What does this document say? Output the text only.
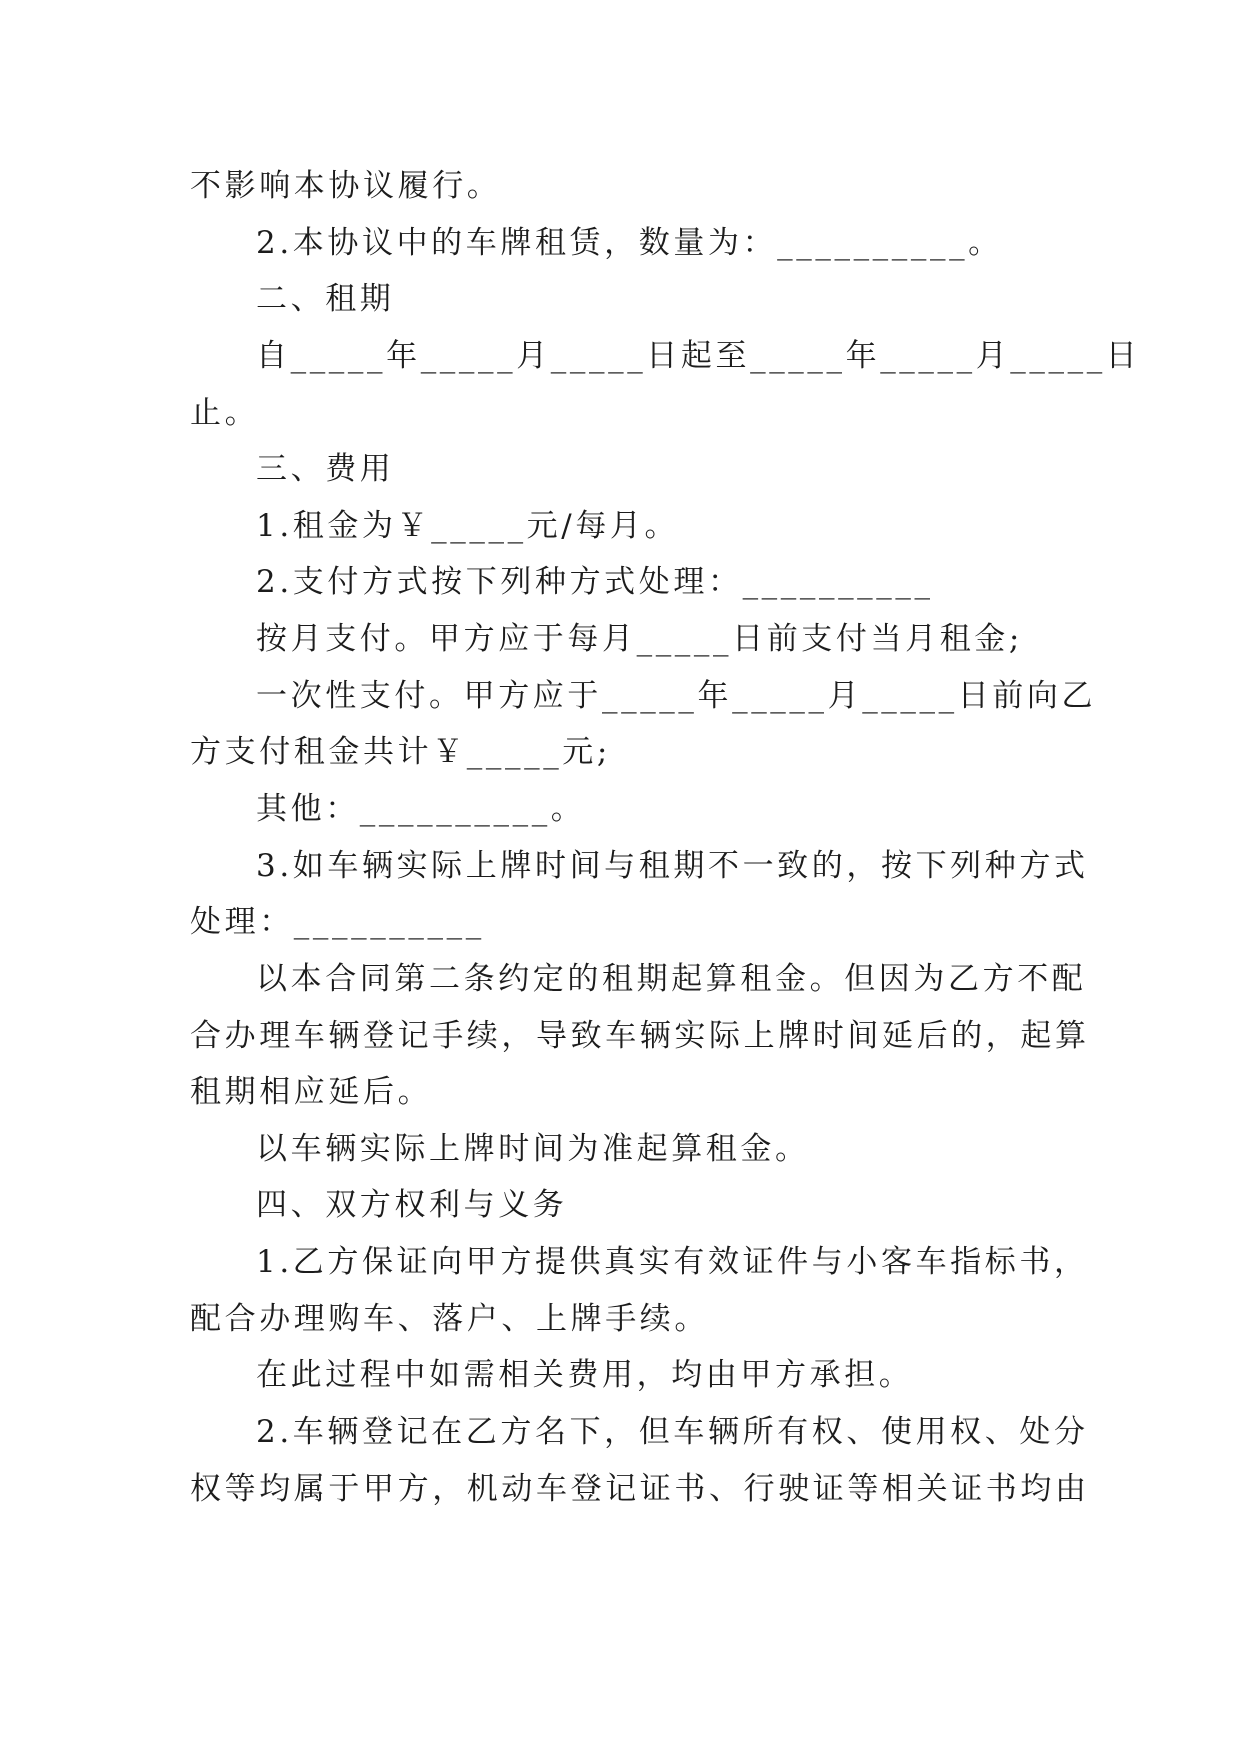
不影响本协议履行。
2.本协议中的车牌租赁，数量为：__________。
二、租期
自_____年_____月_____日起至_____年_____月_____日
止。
三、费用
1.租金为￥_____元/每月。
2.支付方式按下列种方式处理：__________
按月支付。甲方应于每月_____日前支付当月租金;
一次性支付。甲方应于_____年_____月_____日前向乙
方支付租金共计￥_____元;
其他：__________。
3.如车辆实际上牌时间与租期不一致的，按下列种方式
处理：__________
以本合同第二条约定的租期起算租金。但因为乙方不配
合办理车辆登记手续，导致车辆实际上牌时间延后的，起算
租期相应延后。
以车辆实际上牌时间为准起算租金。
四、双方权利与义务
1.乙方保证向甲方提供真实有效证件与小客车指标书，
配合办理购车、落户、上牌手续。
在此过程中如需相关费用，均由甲方承担。
2.车辆登记在乙方名下，但车辆所有权、使用权、处分
权等均属于甲方，机动车登记证书、行驶证等相关证书均由
